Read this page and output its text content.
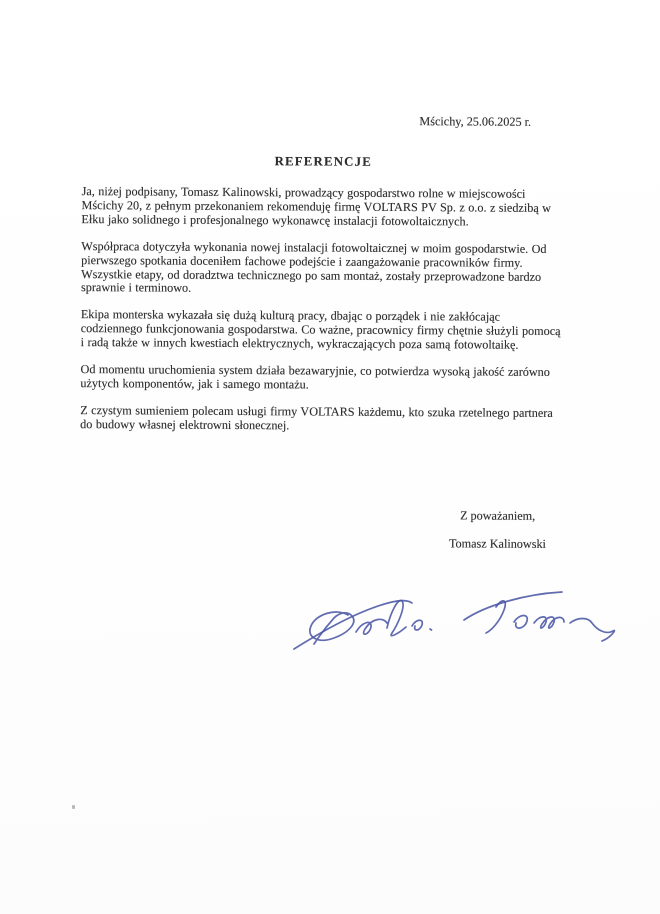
Mścichy, 25.06.2025 r.
REFERENCJE

Ja, niżej podpisany, Tomasz Kalinowski, prowadzący gospodarstwo rolne w miejscowości Mścichy 20, z pełnym przekonaniem rekomenduję firmę VOLTARS PV Sp. z o.o. z siedzibą w Ełku jako solidnego i profesjonalnego wykonawcę instalacji fotowoltaicznych.

Współpraca dotyczyła wykonania nowej instalacji fotowoltaicznej w moim gospodarstwie. Od pierwszego spotkania doceniłem fachowe podejście i zaangażowanie pracowników firmy. Wszystkie etapy, od doradztwa technicznego po sam montaż, zostały przeprowadzone bardzo sprawnie i terminowo.

Ekipa monterska wykazała się dużą kulturą pracy, dbając o porządek i nie zakłócając codziennego funkcjonowania gospodarstwa. Co ważne, pracownicy firmy chętnie służyli pomocą i radą także w innych kwestiach elektrycznych, wykraczających poza samą fotowoltaikę.

Od momentu uruchomienia system działa bezawaryjnie, co potwierdza wysoką jakość zarówno użytych komponentów, jak i samego montażu.

Z czystym sumieniem polecam usługi firmy VOLTARS każdemu, kto szuka rzetelnego partnera do budowy własnej elektrowni słonecznej.

Z poważaniem,
Tomasz Kalinowski
